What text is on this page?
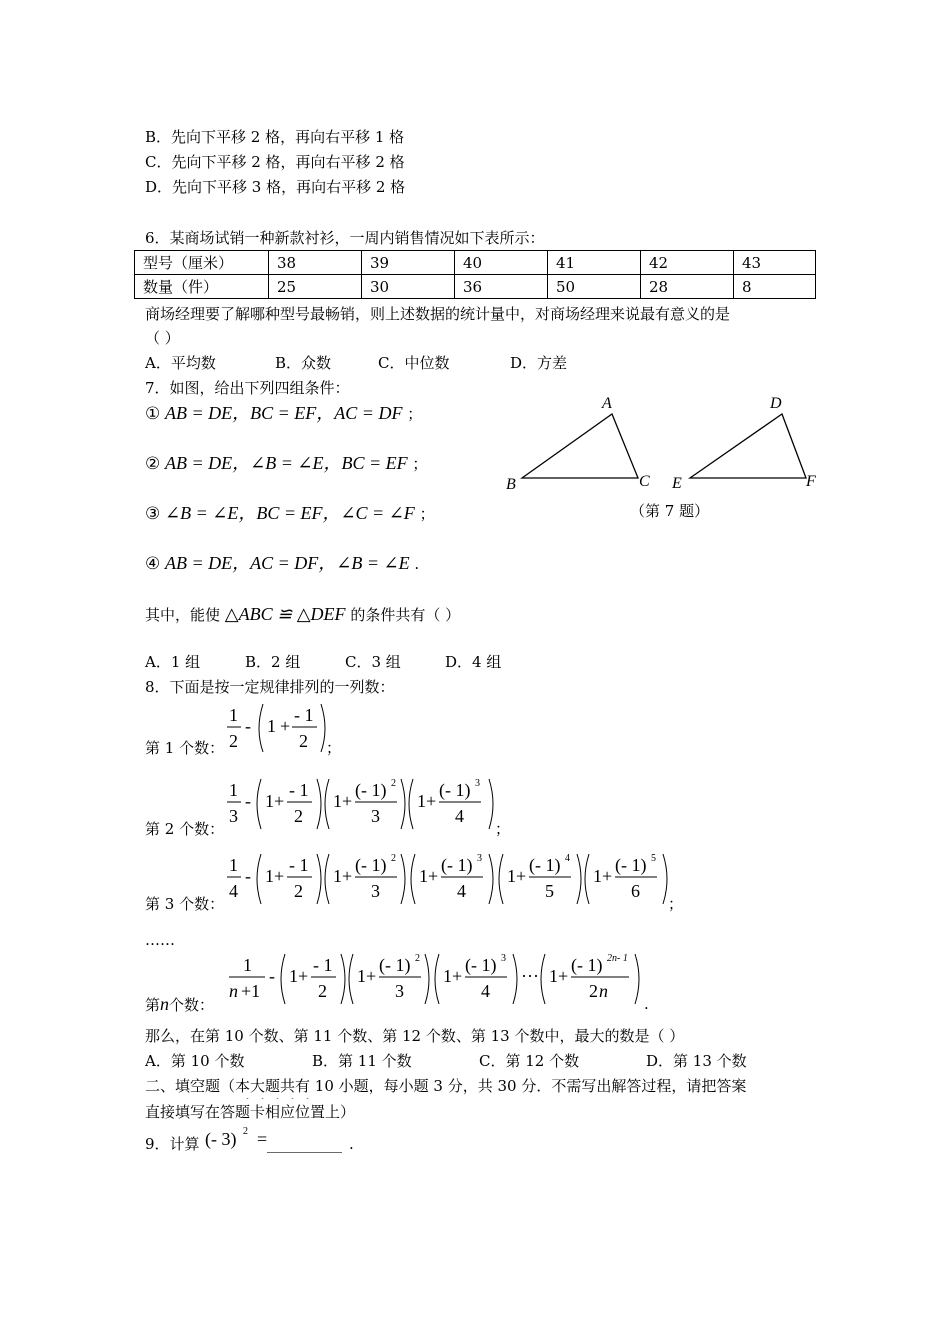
B．先向下平移 2 格，再向右平移 1 格
C．先向下平移 2 格，再向右平移 2 格
D．先向下平移 3 格，再向右平移 2 格
6．某商场试销一种新款衬衫，一周内销售情况如下表所示：
型号（厘米）	38	39	40	41	42	43
数量（件）	25	30	36	50	28	8
商场经理要了解哪种型号最畅销，则上述数据的统计量中，对商场经理来说最有意义的是
（ ）
A．平均数	B．众数	C．中位数	D．方差
7．如图，给出下列四组条件：
① AB = DE，BC = EF，AC = DF ；
② AB = DE，∠B = ∠E，BC = EF ；
③ ∠B = ∠E，BC = EF，∠C = ∠F ；
④ AB = DE，AC = DF，∠B = ∠E .
A
B	C
D
E	F
（第 7 题）
其中，能使 △ABC ≌ △DEF 的条件共有（ ）
A．1 组	B．2 组	C．3 组	D．4 组
8．下面是按一定规律排列的一列数：
第 1 个数：
1
2
- 1 +
- 1
2 ；
第 2 个数：
1
3
- 1+
- 1
2
1+
(- 1) 2
3
1+
(- 1) 3
4
；
第 3 个数：
1
4
- 1+
- 1
2
1+
(- 1) 2
3
1+
(- 1) 3
4
1+
(- 1) 4
5
1+
(- 1) 5
6
；
……
第n个数：
1
n +1
- 1+
- 1
2
1+
(- 1) 2
3
1+
(- 1) 3
4
··· 1+
(- 1) 2n- 1
2 n
.
那么，在第 10 个数、第 11 个数、第 12 个数、第 13 个数中，最大的数是（ ）
A．第 10 个数	B．第 11 个数	C．第 12 个数	D．第 13 个数
二、填空题（本大题共有 10 小题，每小题 3 分，共 30 分．不需写出解答过程，请把答案
直接填写在答题卡相应位置上）
9．计算 (- 3) 2 = __________ .
